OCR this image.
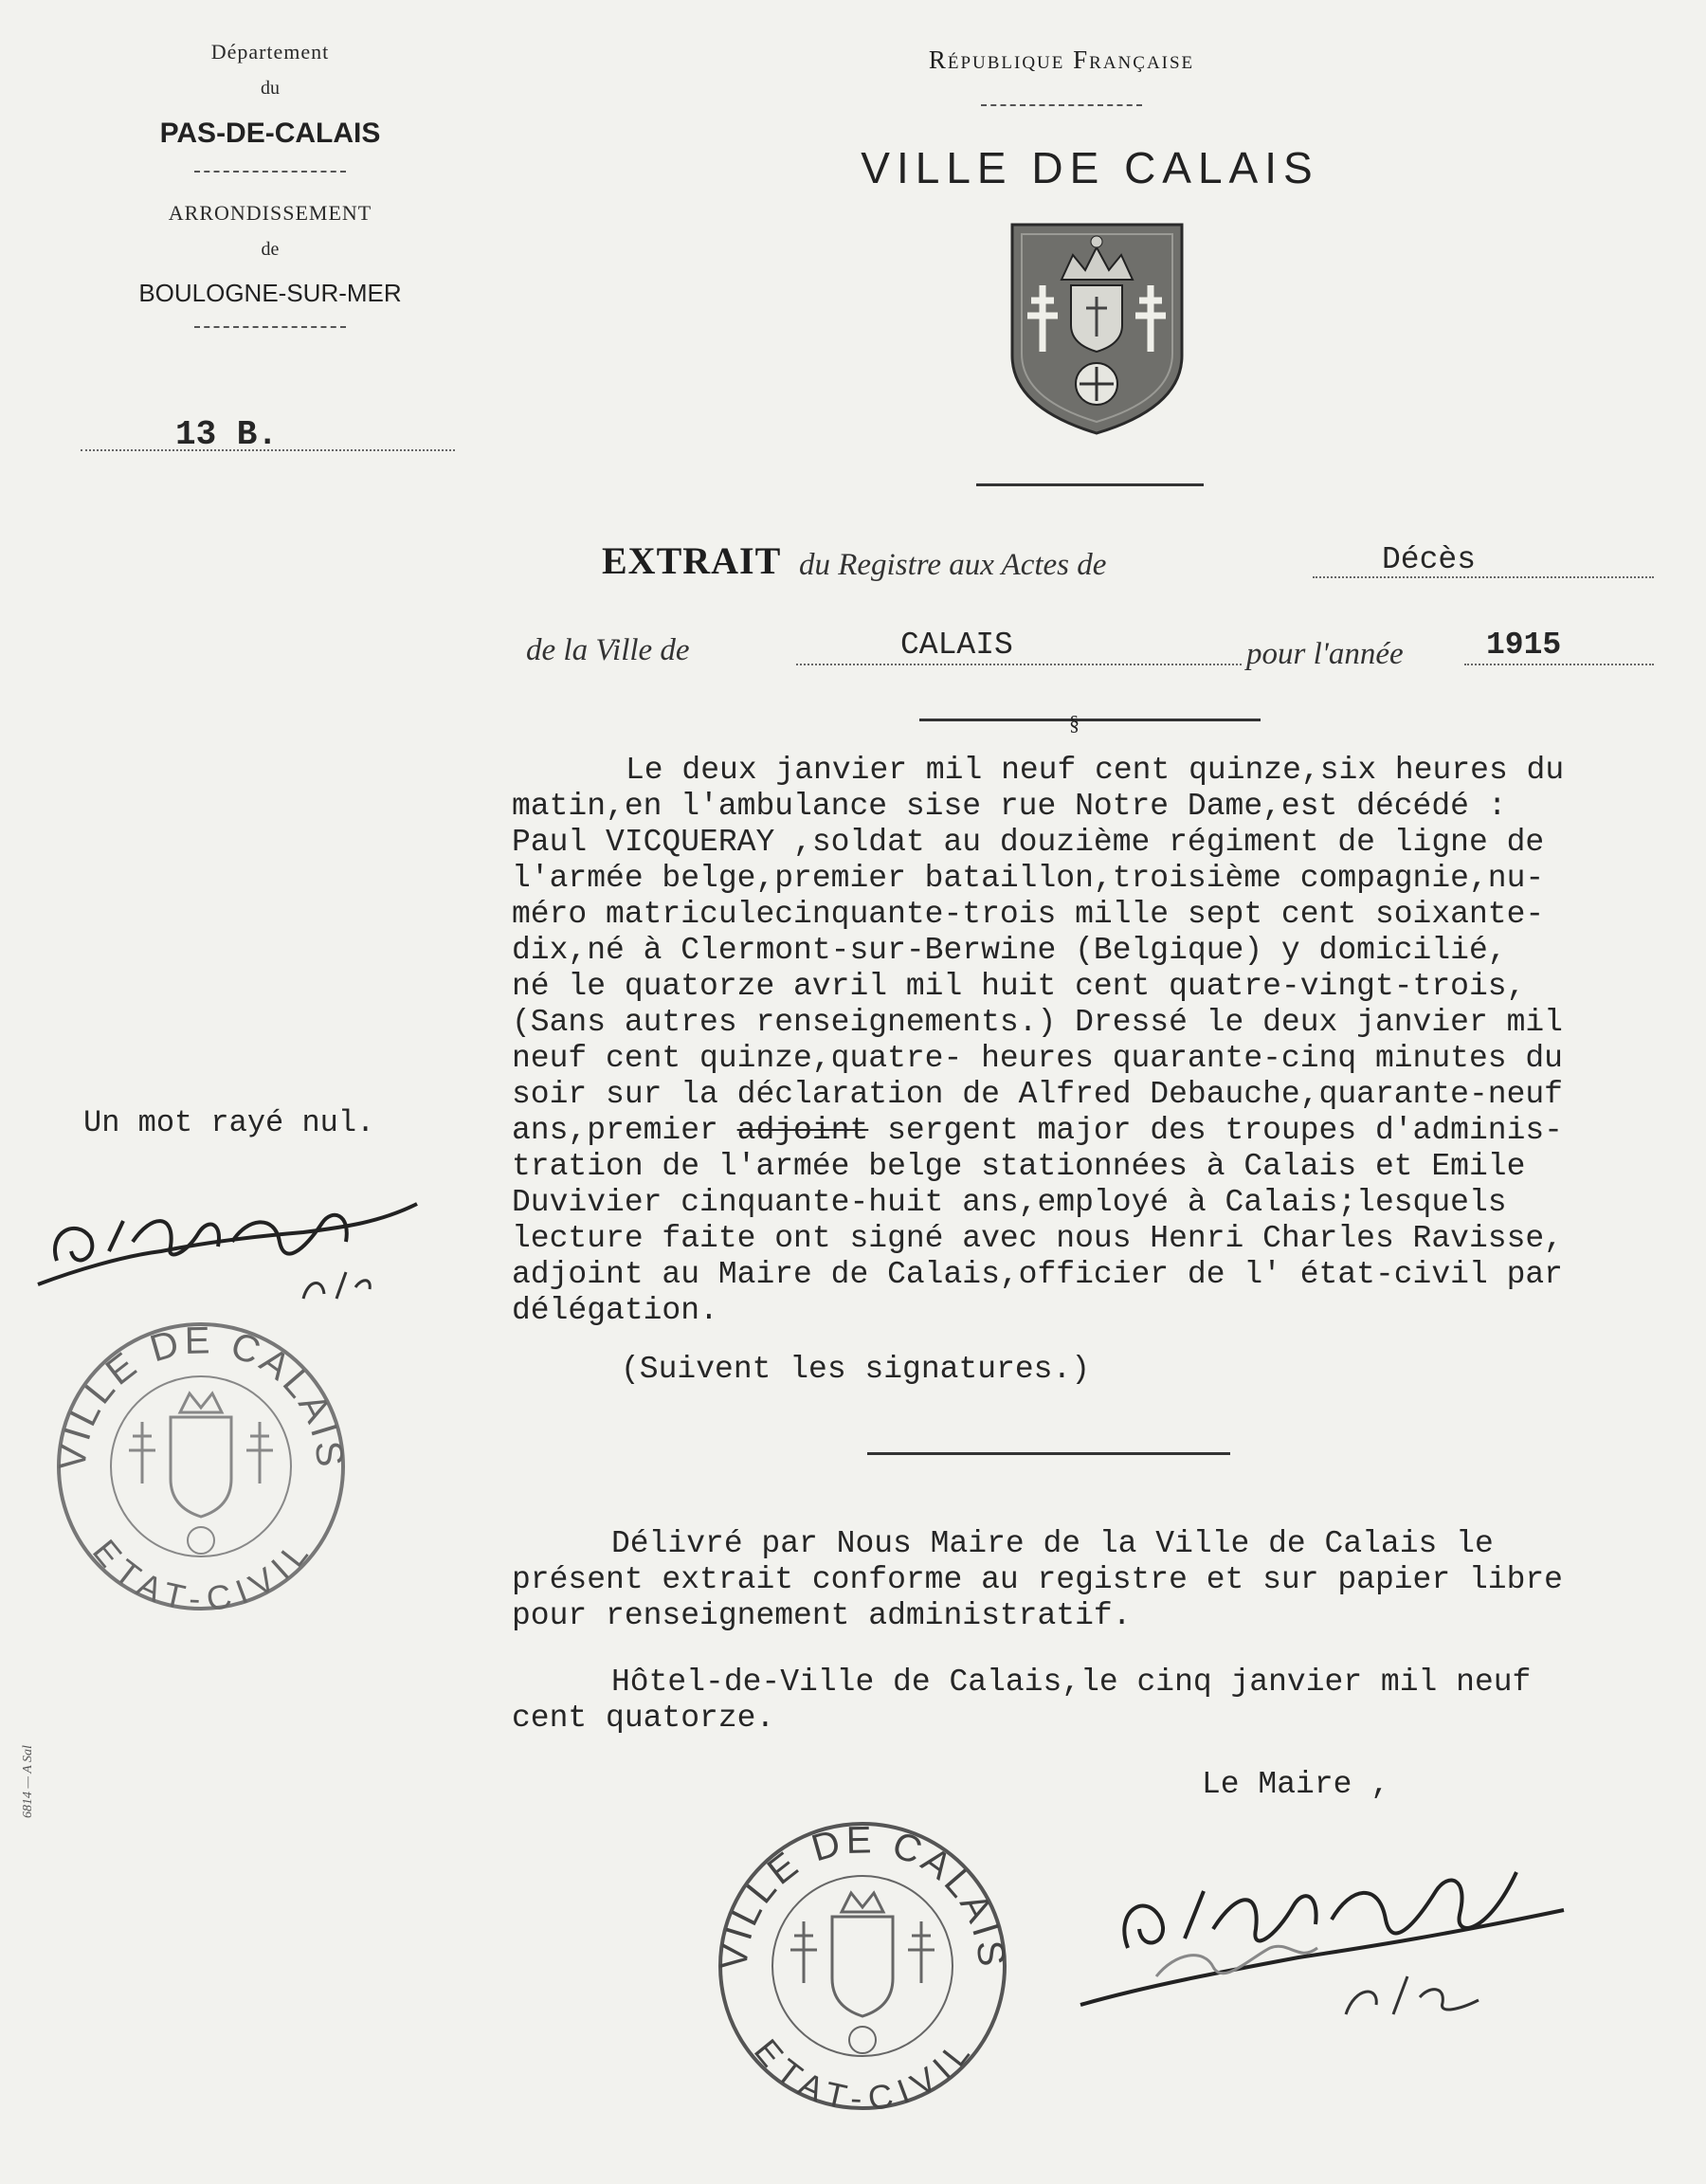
Département
du
PAS-DE-CALAIS
ARRONDISSEMENT
de
BOULOGNE-SUR-MER
13 B.
République Française
VILLE DE CALAIS
EXTRAIT du Registre aux Actes de	Décès
de la Ville de	CALAIS	pour l'année	1915
§
Le deux janvier mil neuf cent quinze,six heures du
matin,en l'ambulance sise rue Notre Dame,est décédé :
Paul VICQUERAY ,soldat au douzième régiment de ligne de
l'armée belge,premier bataillon,troisième compagnie,nu-
méro matriculecinquante-trois mille sept cent soixante-
dix,né à Clermont-sur-Berwine (Belgique) y domicilié,
né le quatorze avril mil huit cent quatre-vingt-trois,
(Sans autres renseignements.) Dressé le deux janvier mil
neuf cent quinze,quatre- heures quarante-cinq minutes du
soir sur la déclaration de Alfred Debauche,quarante-neuf
ans,premier adjoint sergent major des troupes d'adminis-
tration de l'armée belge stationnées à Calais et Emile
Duvivier cinquante-huit ans,employé à Calais;lesquels
lecture faite ont signé avec nous Henri Charles Ravisse,
adjoint au Maire de Calais,officier de l' état-civil par
délégation.
(Suivent les signatures.)
Délivré par Nous Maire de la Ville de Calais le
présent extrait conforme au registre et sur papier libre
pour renseignement administratif.
Hôtel-de-Ville de Calais,le cinq janvier mil neuf
cent quatorze.
Le Maire ,
Un mot rayé nul.
VILLE DE CALAIS
ETAT-CIVIL
VILLE DE CALAIS
ETAT-CIVIL
6814 — A Sal
